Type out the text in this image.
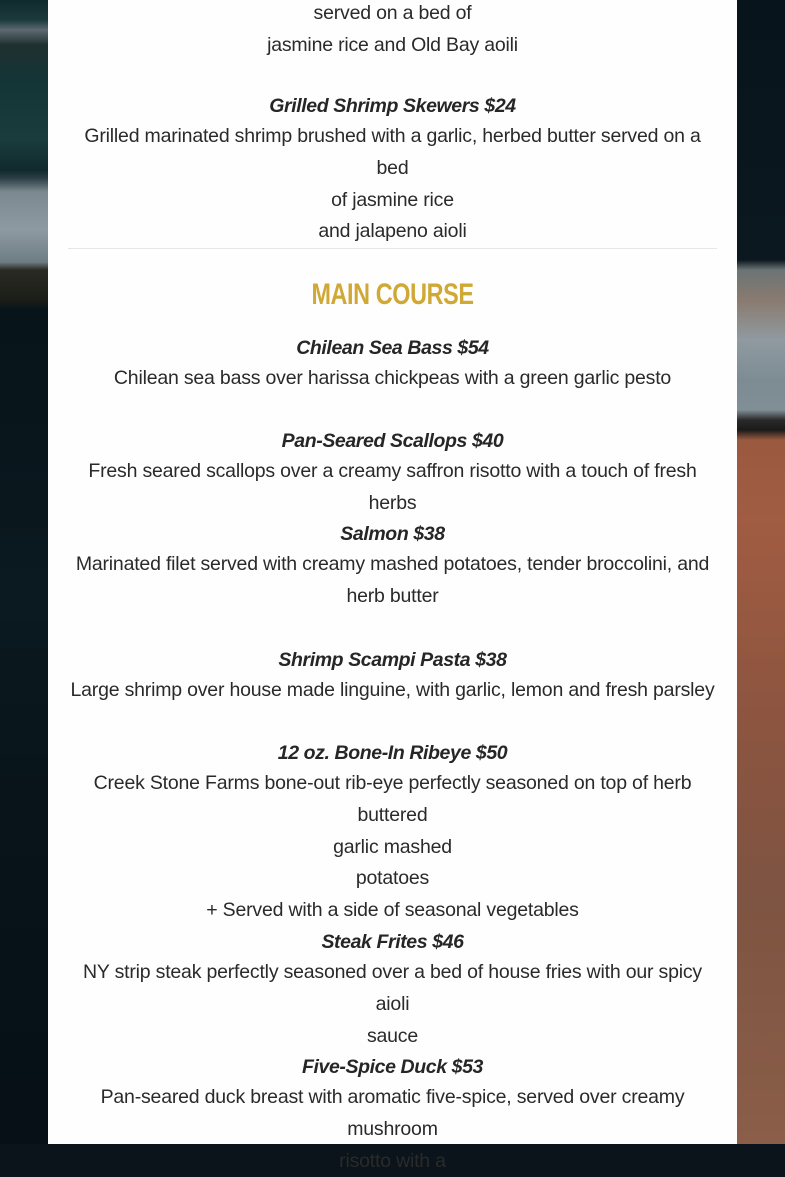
served on a bed of

jasmine rice and Old Bay aoili

Grilled Shrimp Skewers $24

Grilled marinated shrimp brushed with a garlic, herbed butter served on a bed

of jasmine rice

and jalapeno aioli

MAIN COURSE

Chilean Sea Bass $54

Chilean sea bass over harissa chickpeas with a green garlic pesto

Pan-Seared Scallops $40

Fresh seared scallops over a creamy saffron risotto with a touch of fresh herbs

Salmon $38

Marinated filet served with creamy mashed potatoes, tender broccolini, and

herb butter

Shrimp Scampi Pasta $38

Large shrimp over house made linguine, with garlic, lemon and fresh parsley

12 oz. Bone-In Ribeye $50

Creek Stone Farms bone-out rib-eye perfectly seasoned on top of herb buttered

garlic mashed

potatoes

+ Served with a side of seasonal vegetables

Steak Frites $46

NY strip steak perfectly seasoned over a bed of house fries with our spicy aioli

sauce

Five-Spice Duck $53

Pan-seared duck breast with aromatic five-spice, served over creamy mushroom

risotto with a
